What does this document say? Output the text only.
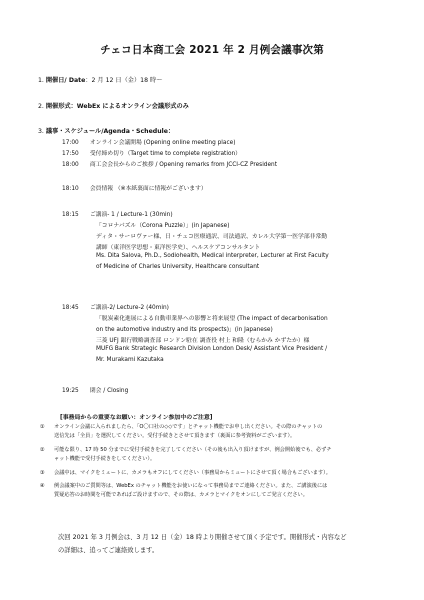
チェコ日本商工会 2021 年 2 月例会議事次第
1. 開催日/ Date：2 月 12 日（金）18 時～
2. 開催形式：WebEx によるオンライン会議形式のみ
3. 議事・スケジュール/Agenda・Schedule：
17:00 オンライン会議開場 (Opening online meeting place)
17:50 受付締め切り（Target time to complete registration）
18:00 商工会会長からのご挨拶 / Opening remarks from JCCI-CZ President
18:10 会員情報 （※本紙裏面に情報がございます）
18:15 ご講演- 1 / Lecture-1 (30min)
「コロナパズル（Corona Puzzle）」(in Japanese)
ディタ・サーロヴァー様、日・チェコ医療通訳、司法通訳、カレル大学第一医学部非常勤
講師（東洋医学思想・東洋医学史）、ヘルスケアコンサルタント
Ms. Dita Salova, Ph.D., Sodiohealth, Medical interpreter, Lecturer at First Faculty
of Medicine of Charles University, Healthcare consultant
18:45 ご講演-2/ Lecture-2 (40min)
「脱炭素化進展による自動車業界への影響と将来展望 (The impact of decarbonisation
on the automotive industry and its prospects)」(in Japanese)
三菱 UFJ 銀行戦略調査部 ロンドン駐在 調査役 村上 和隆（むらかみ かずたか）様
MUFG Bank Strategic Research Division London Desk/ Assistant Vice President /
Mr. Murakami Kazutaka
19:25 閉会 / Closing
[事務局からの重要なお願い：オンライン参加中のご注意]
① オンライン会議に入られましたら、「O〇口社の◇◇です」とチャット機能でお申し出ください。その際のチャットの
送信先は「全員」を選択してください。受付手続きとさせて頂きます（裏面に参考資料がございます）。
② 可能な限り、17 時 50 分までに受付手続きを完了してください（その後も出入り頂けますが、例会開始後でも、必ずチ
ャット機能で受付手続きをしてください）。
③ 会議中は、マイクをミュートに、カメラもオフにしてください（事務局からミュートにさせて頂く場合もございます）。
④ 例会議案中のご質問等は、WebEx のチャット機能をお使いになって事務局までご連絡ください。また、ご講演後には
質疑応答のお時間を可能であればご設けますので、その際は、カメラとマイクをオンにしてご発言ください。
次回 2021 年 3 月例会は、3 月 12 日（金）18 時より開催させて頂く予定です。開催形式・内容など
の詳細は、追ってご連絡致します。
